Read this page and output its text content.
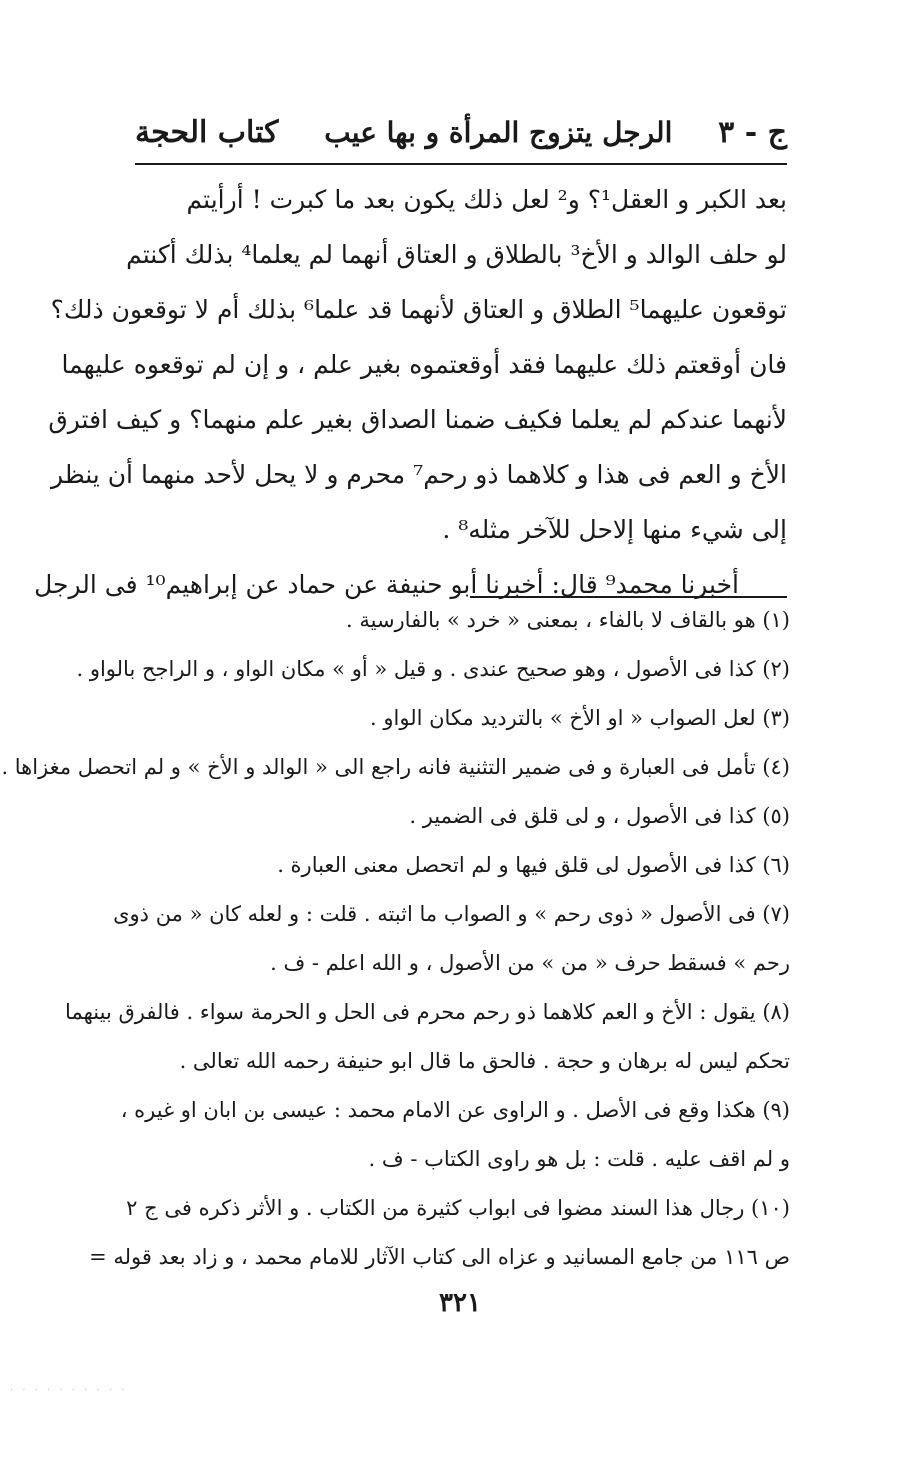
كتاب الحجة الرجل يتزوج المرأة و بها عيب ج - ٣
بعد الكبر و العقل¹؟ و² لعل ذلك يكون بعد ما كبرت ! أرأيتم
لو حلف الوالد و الأخ³ بالطلاق و العتاق أنهما لم يعلما⁴ بذلك أكنتم
توقعون عليهما⁵ الطلاق و العتاق لأنهما قد علما⁶ بذلك أم لا توقعون ذلك؟
فان أوقعتم ذلك عليهما فقد أوقعتموه بغير علم ، و إن لم توقعوه عليهما
لأنهما عندكم لم يعلما فكيف ضمنا الصداق بغير علم منهما؟ و كيف افترق
الأخ و العم فى هذا و كلاهما ذو رحم⁷ محرم و لا يحل لأحد منهما أن ينظر
إلى شيء منها إلاحل للآخر مثله⁸ .
أخبرنا محمد⁹ قال: أخبرنا أبو حنيفة عن حماد عن إبراهيم¹⁰ فى الرجل
(١) هو بالقاف لا بالفاء ، بمعنى « خرد » بالفارسية .
(٢) كذا فى الأصول ، وهو صحيح عندى . و قيل « أو » مكان الواو ، و الراجح بالواو .
(٣) لعل الصواب « او الأخ » بالترديد مكان الواو .
(٤) تأمل فى العبارة و فى ضمير التثنية فانه راجع الى « الوالد و الأخ » و لم اتحصل مغزاها .
(٥) كذا فى الأصول ، و لى قلق فى الضمير .
(٦) كذا فى الأصول لى قلق فيها و لم اتحصل معنى العبارة .
(٧) فى الأصول « ذوى رحم » و الصواب ما اثبته . قلت : و لعله كان « من ذوى
رحم » فسقط حرف « من » من الأصول ، و الله اعلم - ف .
(٨) يقول : الأخ و العم كلاهما ذو رحم محرم فى الحل و الحرمة سواء . فالفرق بينهما
تحكم ليس له برهان و حجة . فالحق ما قال ابو حنيفة رحمه الله تعالى .
(٩) هكذا وقع فى الأصل . و الراوى عن الامام محمد : عيسى بن ابان او غيره ،
و لم اقف عليه . قلت : بل هو راوى الكتاب - ف .
(١٠) رجال هذا السند مضوا فى ابواب كثيرة من الكتاب . و الأثر ذكره فى ج ٢
ص ١١٦ من جامع المسانيد و عزاه الى كتاب الآثار للامام محمد ، و زاد بعد قوله =
٣٢١
· · · · · · · · · ·
